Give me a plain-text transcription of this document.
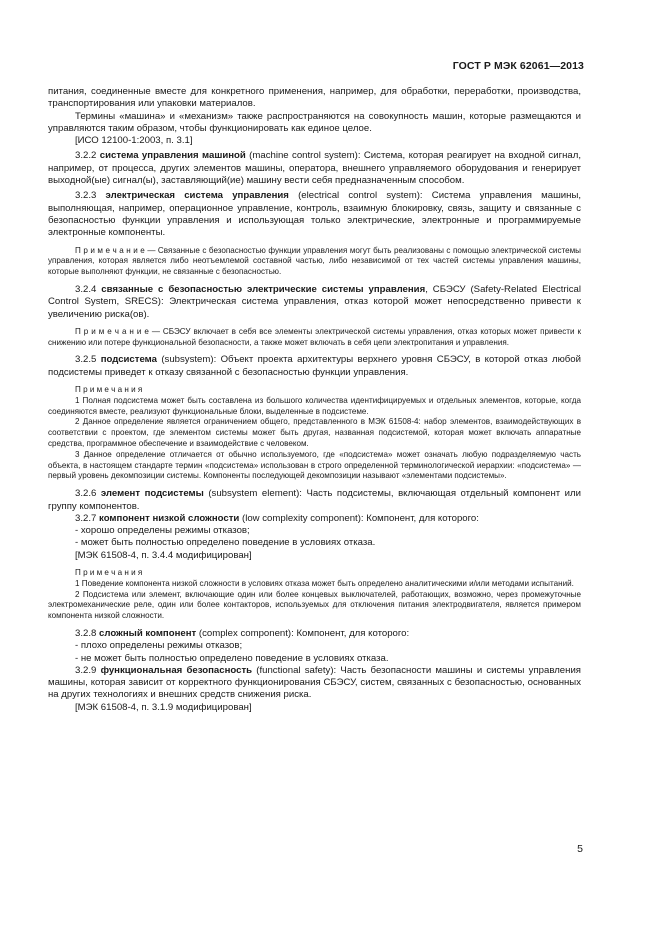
ГОСТ Р МЭК 62061—2013

питания, соединенные вместе для конкретного применения, например, для обработки, переработки, производства, транспортирования или упаковки материалов.

Термины «машина» и «механизм» также распространяются на совокупность машин, которые размещаются и управляются таким образом, чтобы функционировать как единое целое.

[ИСО 12100-1:2003, п. 3.1]

3.2.2 система управления машиной (machine control system): Система, которая реагирует на входной сигнал, например, от процесса, других элементов машины, оператора, внешнего управляемого оборудования и генерирует выходной(ые) сигнал(ы), заставляющий(ие) машину вести себя предназначенным способом.

3.2.3 электрическая система управления (electrical control system): Система управления машины, выполняющая, например, операционное управление, контроль, взаимную блокировку, связь, защиту и связанные с безопасностью функции управления и использующая только электрические, электронные и программируемые электронные компоненты.

П р и м е ч а н и е — Связанные с безопасностью функции управления могут быть реализованы с помощью электрической системы управления, которая является либо неотъемлемой составной частью, либо независимой от тех частей системы управления машины, которые выполняют функции, не связанные с безопасностью.

3.2.4 связанные с безопасностью электрические системы управления, СБЭСУ (Safety-Related Electrical Control System, SRECS): Электрическая система управления, отказ которой может непосредственно привести к увеличению риска(ов).

П р и м е ч а н и е — СБЭСУ включает в себя все элементы электрической системы управления, отказ которых может привести к снижению или потере функциональной безопасности, а также может включать в себя цепи электропитания и управления.

3.2.5 подсистема (subsystem): Объект проекта архитектуры верхнего уровня СБЭСУ, в которой отказ любой подсистемы приведет к отказу связанной с безопасностью функции управления.

П р и м е ч а н и я

1 Полная подсистема может быть составлена из большого количества идентифицируемых и отдельных элементов, которые, когда соединяются вместе, реализуют функциональные блоки, выделенные в подсистеме.

2 Данное определение является ограничением общего, представленного в МЭК 61508-4: набор элементов, взаимодействующих в соответствии с проектом, где элементом системы может быть другая, названная подсистемой, которая может включать аппаратные средства, программное обеспечение и взаимодействие с человеком.

3 Данное определение отличается от обычно используемого, где «подсистема» может означать любую подразделяемую часть объекта, в настоящем стандарте термин «подсистема» использован в строго определенной терминологической иерархии: «подсистема» — первый уровень декомпозиции системы. Компоненты последующей декомпозиции называют «элементами подсистемы».

3.2.6 элемент подсистемы (subsystem element): Часть подсистемы, включающая отдельный компонент или группу компонентов.

3.2.7 компонент низкой сложности (low complexity component): Компонент, для которого:

- хорошо определены режимы отказов;

- может быть полностью определено поведение в условиях отказа.

[МЭК 61508-4, п. 3.4.4 модифицирован]

П р и м е ч а н и я

1 Поведение компонента низкой сложности в условиях отказа может быть определено аналитическими и/или методами испытаний.

2 Подсистема или элемент, включающие один или более концевых выключателей, работающих, возможно, через промежуточные электромеханические реле, один или более контакторов, используемых для отключения питания электродвигателя, является примером компонента низкой сложности.

3.2.8 сложный компонент (complex component): Компонент, для которого:

- плохо определены режимы отказов;

- не может быть полностью определено поведение в условиях отказа.

3.2.9 функциональная безопасность (functional safety): Часть безопасности машины и системы управления машины, которая зависит от корректного функционирования СБЭСУ, систем, связанных с безопасностью, основанных на других технологиях и внешних средств снижения риска.

[МЭК 61508-4, п. 3.1.9 модифицирован]

5
